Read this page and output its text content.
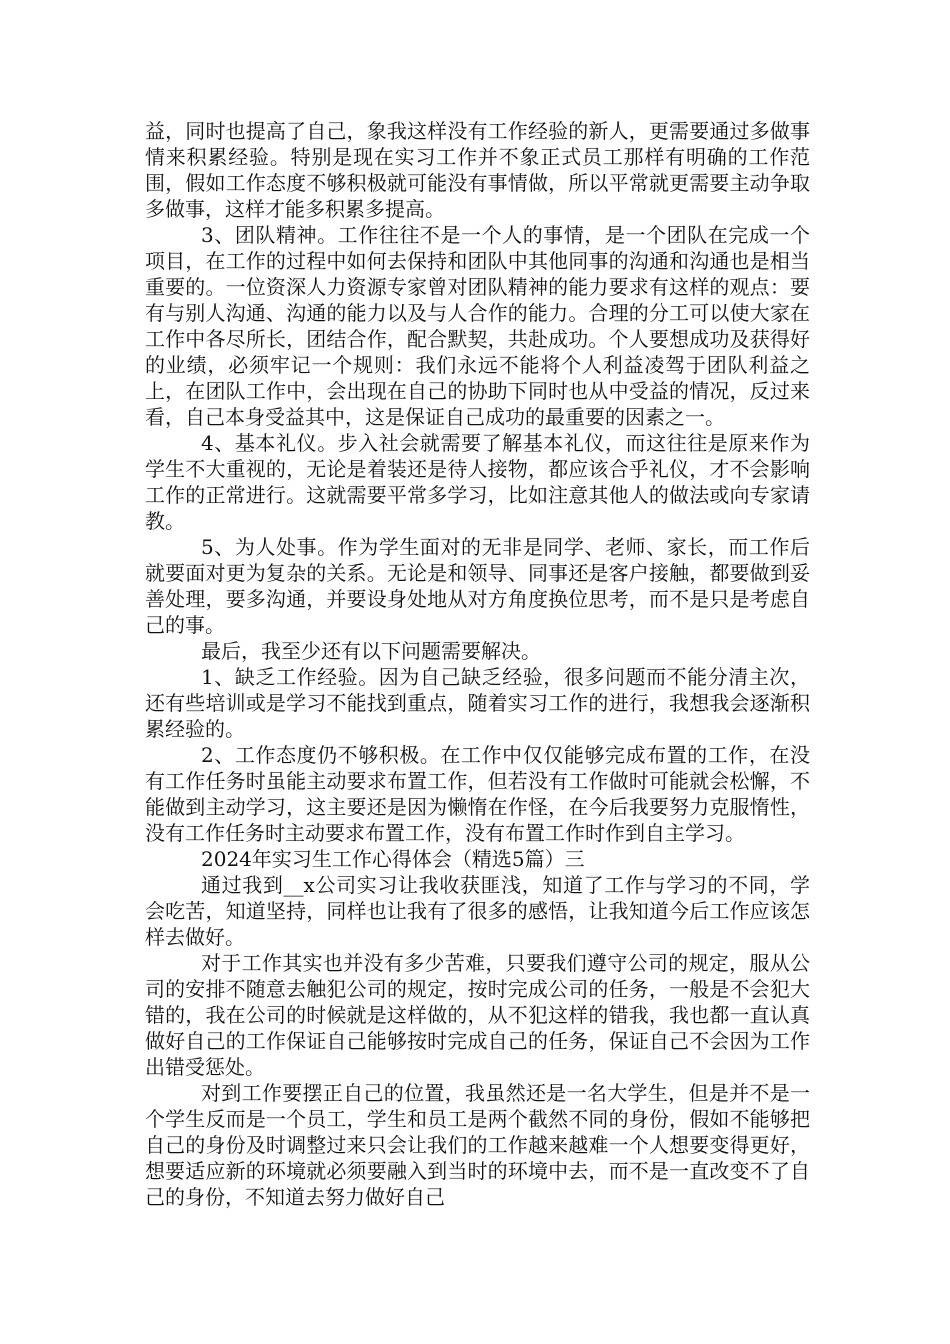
益，同时也提高了自己，象我这样没有工作经验的新人，更需要通过多做事情来积累经验。特别是现在实习工作并不象正式员工那样有明确的工作范围，假如工作态度不够积极就可能没有事情做，所以平常就更需要主动争取多做事，这样才能多积累多提高。

3、团队精神。工作往往不是一个人的事情，是一个团队在完成一个项目，在工作的过程中如何去保持和团队中其他同事的沟通和沟通也是相当重要的。一位资深人力资源专家曾对团队精神的能力要求有这样的观点：要有与别人沟通、沟通的能力以及与人合作的能力。合理的分工可以使大家在工作中各尽所长，团结合作，配合默契，共赴成功。个人要想成功及获得好的业绩，必须牢记一个规则：我们永远不能将个人利益凌驾于团队利益之上，在团队工作中，会出现在自己的协助下同时也从中受益的情况，反过来看，自己本身受益其中，这是保证自己成功的最重要的因素之一。

4、基本礼仪。步入社会就需要了解基本礼仪，而这往往是原来作为学生不大重视的，无论是着装还是待人接物，都应该合乎礼仪，才不会影响工作的正常进行。这就需要平常多学习，比如注意其他人的做法或向专家请教。

5、为人处事。作为学生面对的无非是同学、老师、家长，而工作后就要面对更为复杂的关系。无论是和领导、同事还是客户接触，都要做到妥善处理，要多沟通，并要设身处地从对方角度换位思考，而不是只是考虑自己的事。

最后，我至少还有以下问题需要解决。

1、缺乏工作经验。因为自己缺乏经验，很多问题而不能分清主次，还有些培训或是学习不能找到重点，随着实习工作的进行，我想我会逐渐积累经验的。

2、工作态度仍不够积极。在工作中仅仅能够完成布置的工作，在没有工作任务时虽能主动要求布置工作，但若没有工作做时可能就会松懈，不能做到主动学习，这主要还是因为懒惰在作怪，在今后我要努力克服惰性，没有工作任务时主动要求布置工作，没有布置工作时作到自主学习。

2024年实习生工作心得体会（精选5篇）三

通过我到__x公司实习让我收获匪浅，知道了工作与学习的不同，学会吃苦，知道坚持，同样也让我有了很多的感悟，让我知道今后工作应该怎样去做好。

对于工作其实也并没有多少苦难，只要我们遵守公司的规定，服从公司的安排不随意去触犯公司的规定，按时完成公司的任务，一般是不会犯大错的，我在公司的时候就是这样做的，从不犯这样的错我，我也都一直认真做好自己的工作保证自己能够按时完成自己的任务，保证自己不会因为工作出错受惩处。

对到工作要摆正自己的位置，我虽然还是一名大学生，但是并不是一个学生反而是一个员工，学生和员工是两个截然不同的身份，假如不能够把自己的身份及时调整过来只会让我们的工作越来越难一个人想要变得更好，想要适应新的环境就必须要融入到当时的环境中去，而不是一直改变不了自己的身份，不知道去努力做好自己
